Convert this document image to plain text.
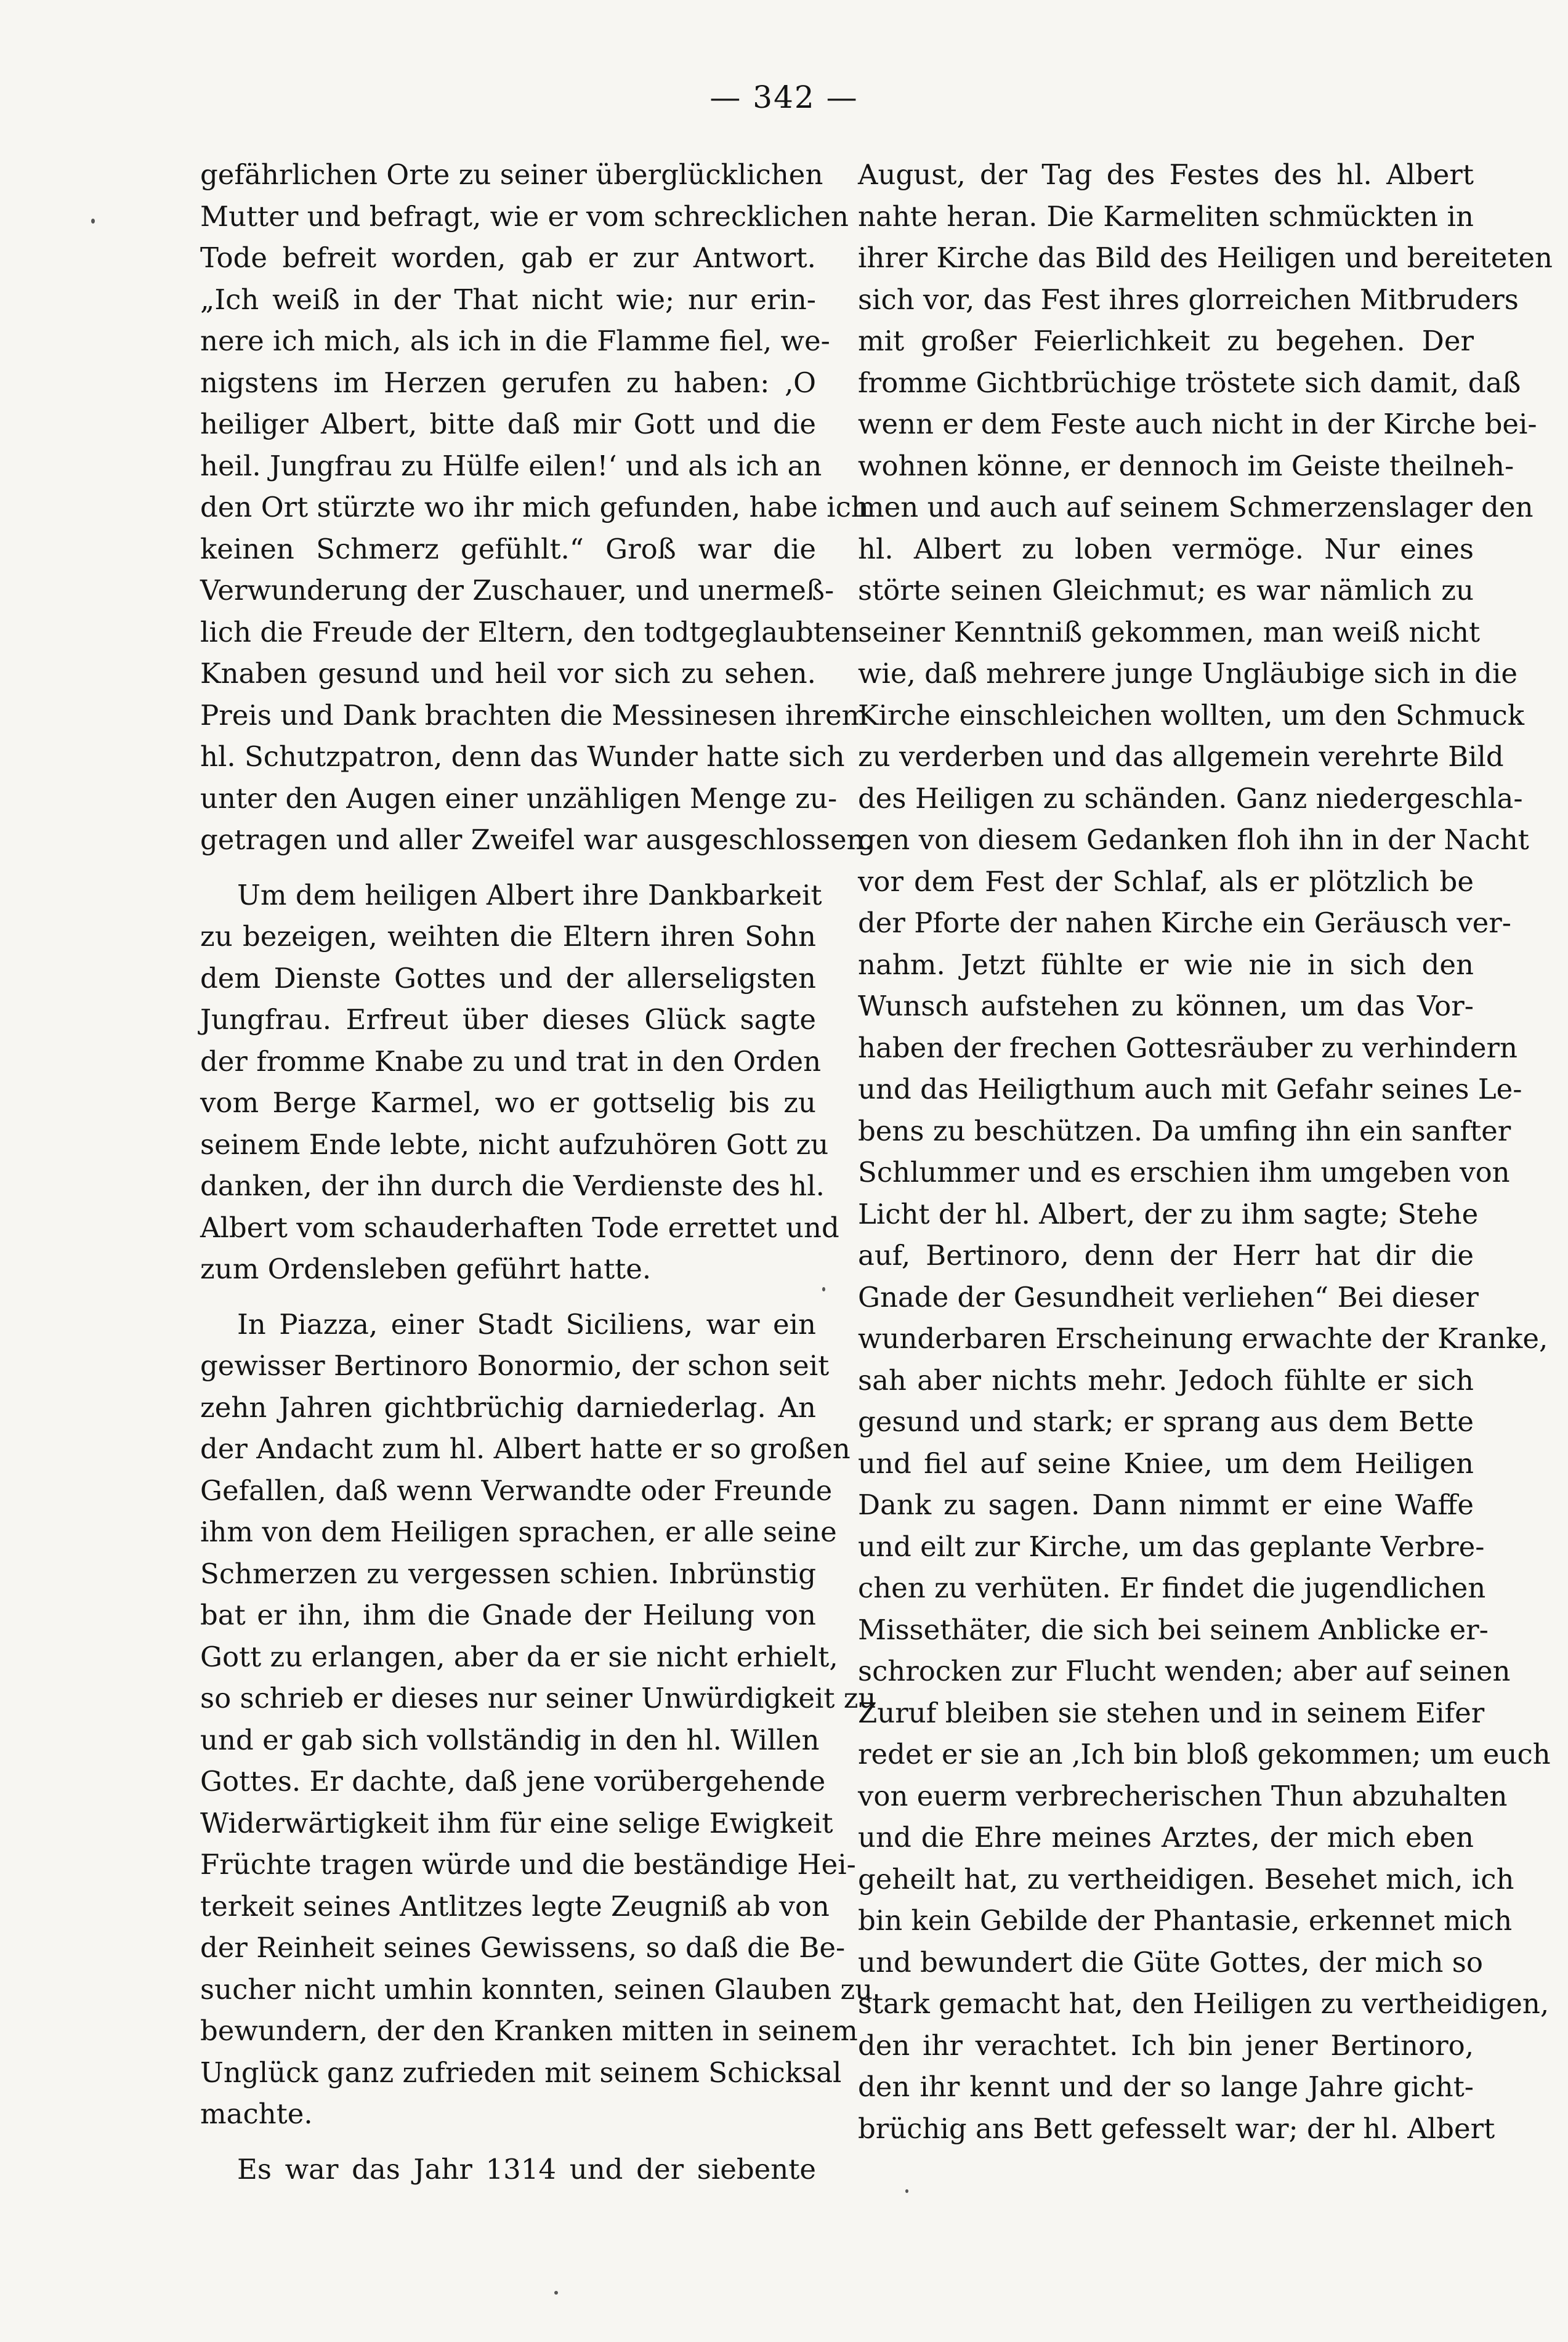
— 342 —
gefährlichen Orte zu seiner überglücklichen
Mutter und befragt, wie er vom schrecklichen
Tode befreit worden, gab er zur Antwort.
„Ich weiß in der That nicht wie; nur erin-
nere ich mich, als ich in die Flamme fiel, we-
nigstens im Herzen gerufen zu haben: ‚O
heiliger Albert, bitte daß mir Gott und die
heil. Jungfrau zu Hülfe eilen!‘ und als ich an
den Ort stürzte wo ihr mich gefunden, habe ich
keinen Schmerz gefühlt.“ Groß war die
Verwunderung der Zuschauer, und unermeß-
lich die Freude der Eltern, den todtgeglaubten
Knaben gesund und heil vor sich zu sehen.
Preis und Dank brachten die Messinesen ihrem
hl. Schutzpatron, denn das Wunder hatte sich
unter den Augen einer unzähligen Menge zu-
getragen und aller Zweifel war ausgeschlossen.
Um dem heiligen Albert ihre Dankbarkeit
zu bezeigen, weihten die Eltern ihren Sohn
dem Dienste Gottes und der allerseligsten
Jungfrau. Erfreut über dieses Glück sagte
der fromme Knabe zu und trat in den Orden
vom Berge Karmel, wo er gottselig bis zu
seinem Ende lebte, nicht aufzuhören Gott zu
danken, der ihn durch die Verdienste des hl.
Albert vom schauderhaften Tode errettet und
zum Ordensleben geführt hatte.
In Piazza, einer Stadt Siciliens, war ein
gewisser Bertinoro Bonormio, der schon seit
zehn Jahren gichtbrüchig darniederlag. An
der Andacht zum hl. Albert hatte er so großen
Gefallen, daß wenn Verwandte oder Freunde
ihm von dem Heiligen sprachen, er alle seine
Schmerzen zu vergessen schien. Inbrünstig
bat er ihn, ihm die Gnade der Heilung von
Gott zu erlangen, aber da er sie nicht erhielt,
so schrieb er dieses nur seiner Unwürdigkeit zu
und er gab sich vollständig in den hl. Willen
Gottes. Er dachte, daß jene vorübergehende
Widerwärtigkeit ihm für eine selige Ewigkeit
Früchte tragen würde und die beständige Hei-
terkeit seines Antlitzes legte Zeugniß ab von
der Reinheit seines Gewissens, so daß die Be-
sucher nicht umhin konnten, seinen Glauben zu
bewundern, der den Kranken mitten in seinem
Unglück ganz zufrieden mit seinem Schicksal
machte.
Es war das Jahr 1314 und der siebente
August, der Tag des Festes des hl. Albert
nahte heran. Die Karmeliten schmückten in
ihrer Kirche das Bild des Heiligen und bereiteten
sich vor, das Fest ihres glorreichen Mitbruders
mit großer Feierlichkeit zu begehen. Der
fromme Gichtbrüchige tröstete sich damit, daß
wenn er dem Feste auch nicht in der Kirche bei-
wohnen könne, er dennoch im Geiste theilneh-
men und auch auf seinem Schmerzenslager den
hl. Albert zu loben vermöge. Nur eines
störte seinen Gleichmut; es war nämlich zu
seiner Kenntniß gekommen, man weiß nicht
wie, daß mehrere junge Ungläubige sich in die
Kirche einschleichen wollten, um den Schmuck
zu verderben und das allgemein verehrte Bild
des Heiligen zu schänden. Ganz niedergeschla-
gen von diesem Gedanken floh ihn in der Nacht
vor dem Fest der Schlaf, als er plötzlich be
der Pforte der nahen Kirche ein Geräusch ver-
nahm. Jetzt fühlte er wie nie in sich den
Wunsch aufstehen zu können, um das Vor-
haben der frechen Gottesräuber zu verhindern
und das Heiligthum auch mit Gefahr seines Le-
bens zu beschützen. Da umfing ihn ein sanfter
Schlummer und es erschien ihm umgeben von
Licht der hl. Albert, der zu ihm sagte; Stehe
auf, Bertinoro, denn der Herr hat dir die
Gnade der Gesundheit verliehen“ Bei dieser
wunderbaren Erscheinung erwachte der Kranke,
sah aber nichts mehr. Jedoch fühlte er sich
gesund und stark; er sprang aus dem Bette
und fiel auf seine Kniee, um dem Heiligen
Dank zu sagen. Dann nimmt er eine Waffe
und eilt zur Kirche, um das geplante Verbre-
chen zu verhüten. Er findet die jugendlichen
Missethäter, die sich bei seinem Anblicke er-
schrocken zur Flucht wenden; aber auf seinen
Zuruf bleiben sie stehen und in seinem Eifer
redet er sie an ‚Ich bin bloß gekommen; um euch
von euerm verbrecherischen Thun abzuhalten
und die Ehre meines Arztes, der mich eben
geheilt hat, zu vertheidigen. Besehet mich, ich
bin kein Gebilde der Phantasie, erkennet mich
und bewundert die Güte Gottes, der mich so
stark gemacht hat, den Heiligen zu vertheidigen,
den ihr verachtet. Ich bin jener Bertinoro,
den ihr kennt und der so lange Jahre gicht-
brüchig ans Bett gefesselt war; der hl. Albert
